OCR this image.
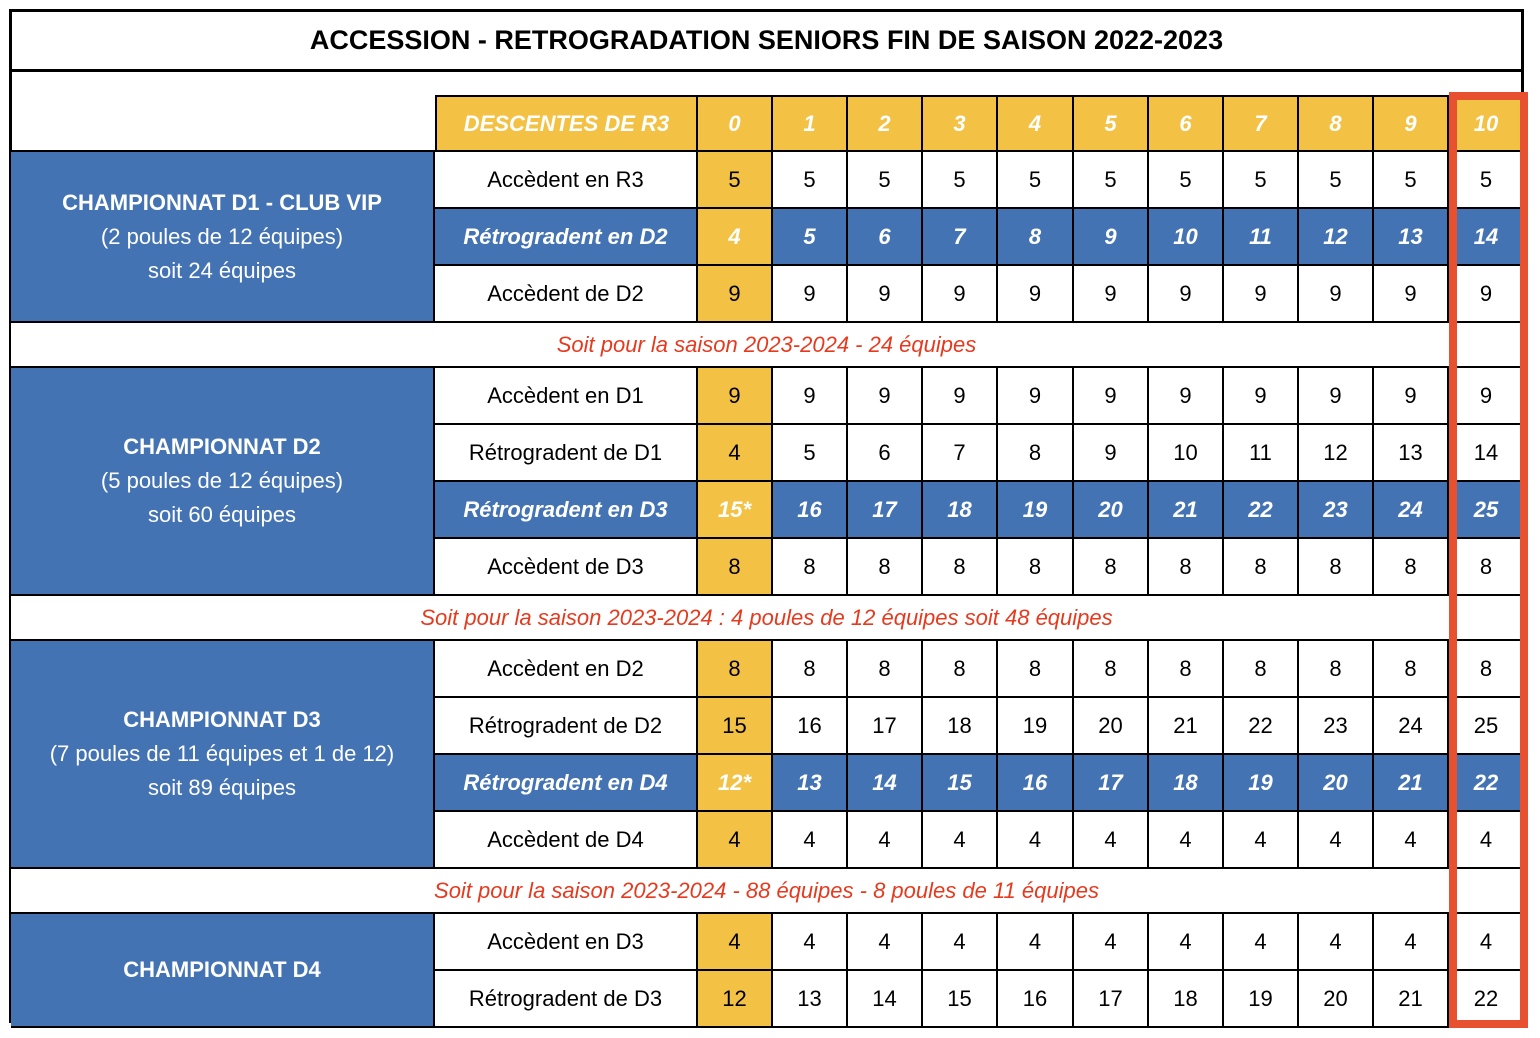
ACCESSION - RETROGRADATION SENIORS FIN DE SAISON 2022-2023
DESCENTES DE R3	0	1	2	3	4	5	6	7	8	9	10
CHAMPIONNAT D1 - CLUB VIP
(2 poules de 12 équipes)
soit 24 équipes
Accèdent en R3	5	5	5	5	5	5	5	5	5	5	5
Rétrogradent en D2	4	5	6	7	8	9	10	11	12	13	14
Accèdent de D2	9	9	9	9	9	9	9	9	9	9	9
Soit pour la saison 2023-2024 - 24 équipes
CHAMPIONNAT D2
(5 poules de 12 équipes)
soit 60 équipes
Accèdent en D1	9	9	9	9	9	9	9	9	9	9	9
Rétrogradent de D1	4	5	6	7	8	9	10	11	12	13	14
Rétrogradent en D3	15*	16	17	18	19	20	21	22	23	24	25
Accèdent de D3	8	8	8	8	8	8	8	8	8	8	8
Soit pour la saison 2023-2024 : 4 poules de 12 équipes soit 48 équipes
CHAMPIONNAT D3
(7 poules de 11 équipes et 1 de 12)
soit 89 équipes
Accèdent en D2	8	8	8	8	8	8	8	8	8	8	8
Rétrogradent de D2	15	16	17	18	19	20	21	22	23	24	25
Rétrogradent en D4	12*	13	14	15	16	17	18	19	20	21	22
Accèdent de D4	4	4	4	4	4	4	4	4	4	4	4
Soit pour la saison 2023-2024 - 88 équipes - 8 poules de 11 équipes
CHAMPIONNAT D4
Accèdent en D3	4	4	4	4	4	4	4	4	4	4	4
Rétrogradent de D3	12	13	14	15	16	17	18	19	20	21	22
